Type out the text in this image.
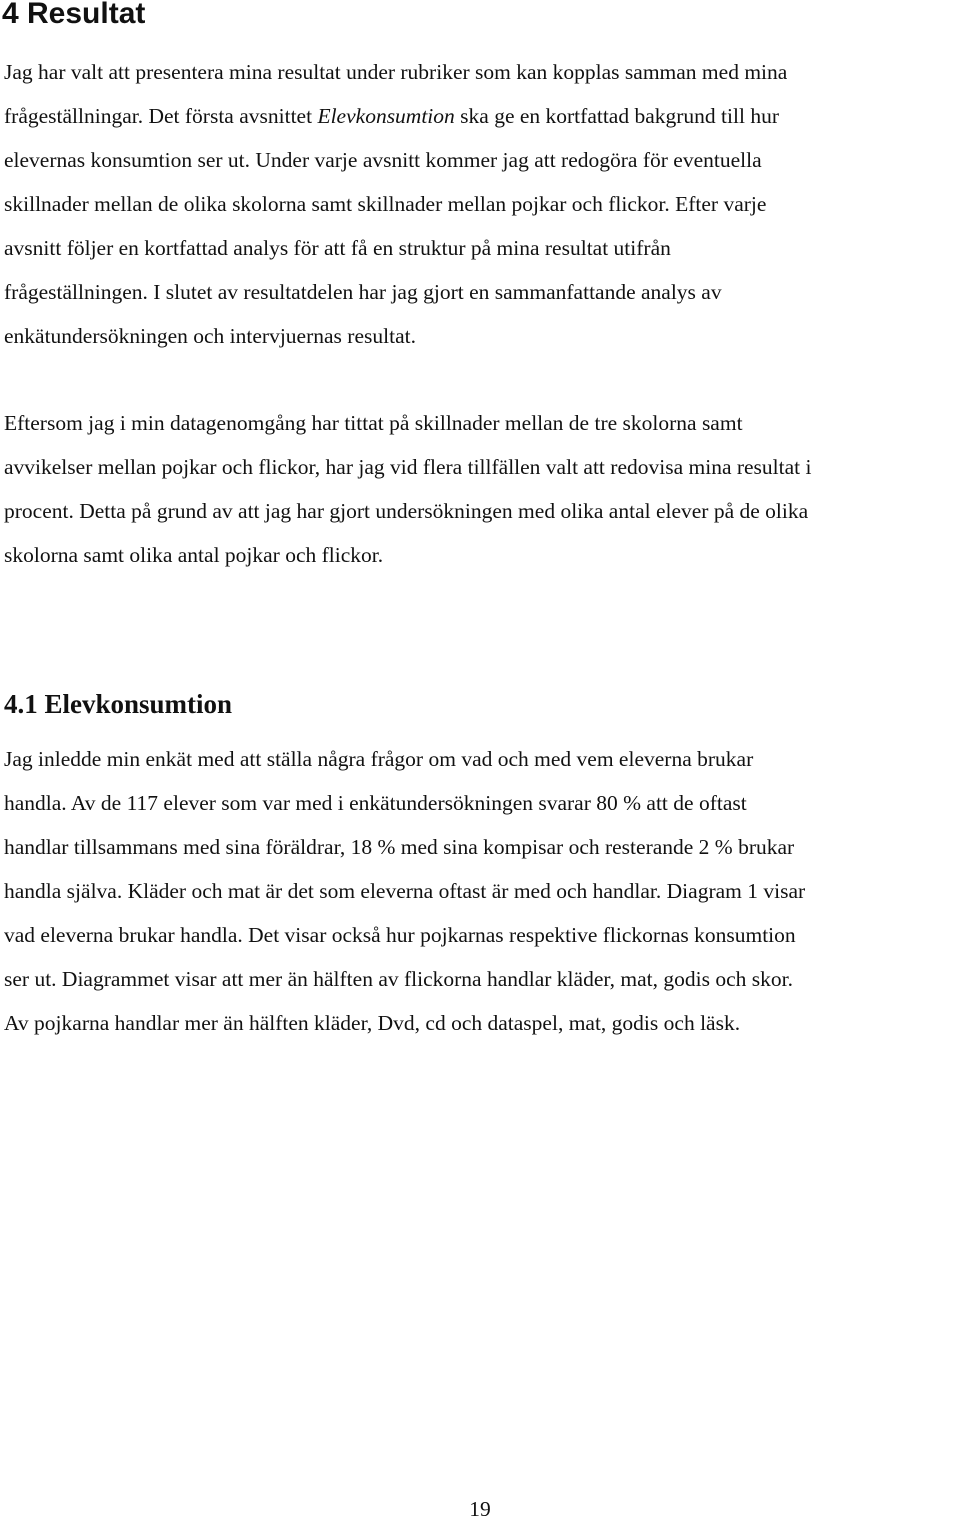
4 Resultat

Jag har valt att presentera mina resultat under rubriker som kan kopplas samman med mina
frågeställningar. Det första avsnittet Elevkonsumtion ska ge en kortfattad bakgrund till hur
elevernas konsumtion ser ut. Under varje avsnitt kommer jag att redogöra för eventuella
skillnader mellan de olika skolorna samt skillnader mellan pojkar och flickor. Efter varje
avsnitt följer en kortfattad analys för att få en struktur på mina resultat utifrån
frågeställningen. I slutet av resultatdelen har jag gjort en sammanfattande analys av
enkätundersökningen och intervjuernas resultat.

Eftersom jag i min datagenomgång har tittat på skillnader mellan de tre skolorna samt
avvikelser mellan pojkar och flickor, har jag vid flera tillfällen valt att redovisa mina resultat i
procent. Detta på grund av att jag har gjort undersökningen med olika antal elever på de olika
skolorna samt olika antal pojkar och flickor.

4.1 Elevkonsumtion

Jag inledde min enkät med att ställa några frågor om vad och med vem eleverna brukar
handla. Av de 117 elever som var med i enkätundersökningen svarar 80 % att de oftast
handlar tillsammans med sina föräldrar, 18 % med sina kompisar och resterande 2 % brukar
handla själva. Kläder och mat är det som eleverna oftast är med och handlar. Diagram 1 visar
vad eleverna brukar handla. Det visar också hur pojkarnas respektive flickornas konsumtion
ser ut. Diagrammet visar att mer än hälften av flickorna handlar kläder, mat, godis och skor.
Av pojkarna handlar mer än hälften kläder, Dvd, cd och dataspel, mat, godis och läsk.

19
